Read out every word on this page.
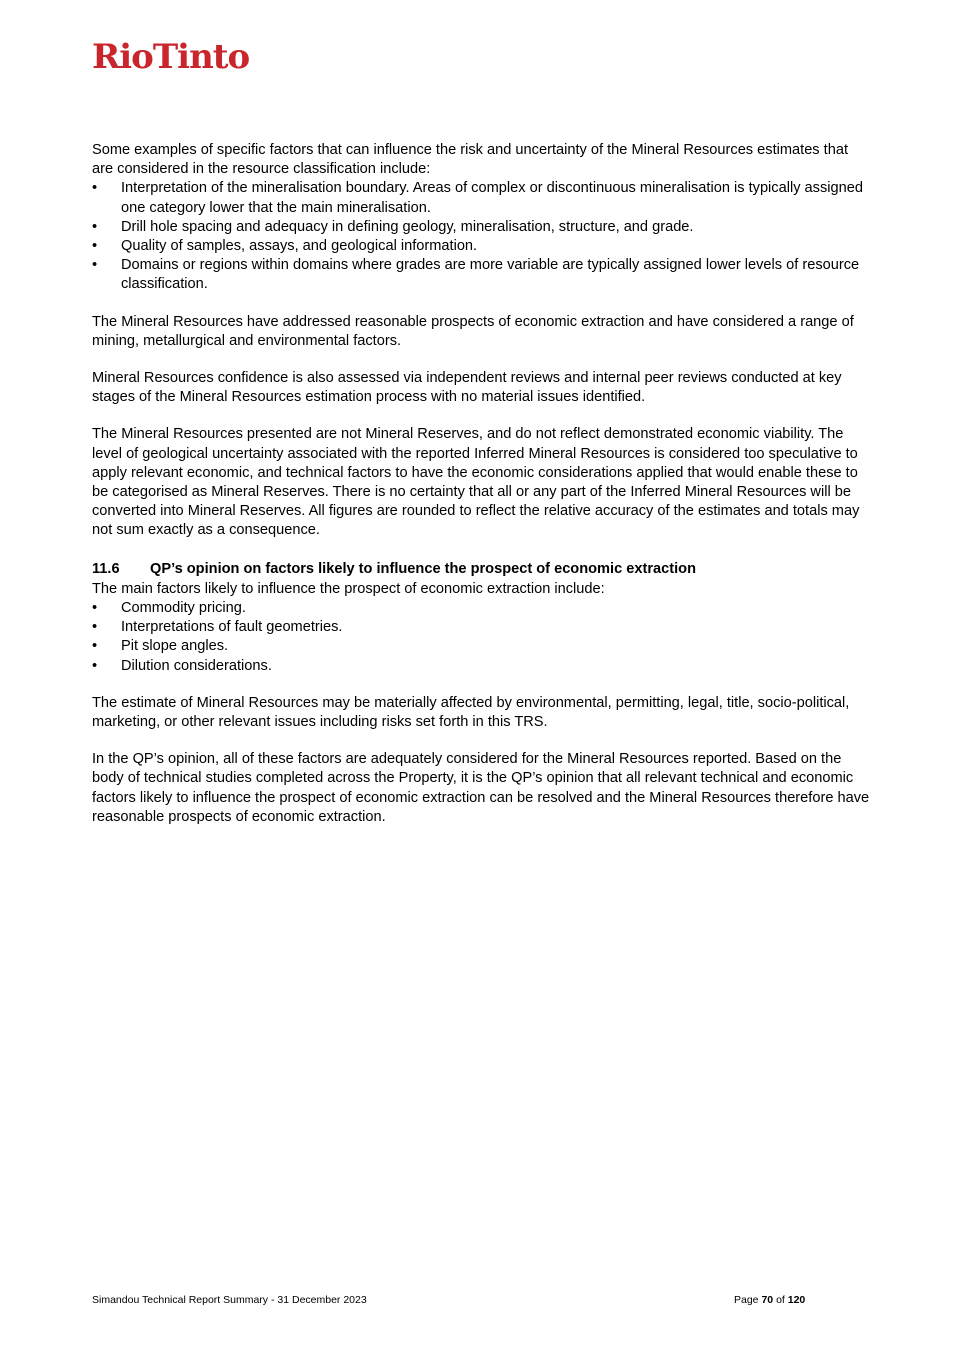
RioTinto

Some examples of specific factors that can influence the risk and uncertainty of the Mineral Resources estimates that are considered in the resource classification include:

• Interpretation of the mineralisation boundary. Areas of complex or discontinuous mineralisation is typically assigned one category lower that the main mineralisation.
• Drill hole spacing and adequacy in defining geology, mineralisation, structure, and grade.
• Quality of samples, assays, and geological information.
• Domains or regions within domains where grades are more variable are typically assigned lower levels of resource classification.

The Mineral Resources have addressed reasonable prospects of economic extraction and have considered a range of mining, metallurgical and environmental factors.

Mineral Resources confidence is also assessed via independent reviews and internal peer reviews conducted at key stages of the Mineral Resources estimation process with no material issues identified.

The Mineral Resources presented are not Mineral Reserves, and do not reflect demonstrated economic viability. The level of geological uncertainty associated with the reported Inferred Mineral Resources is considered too speculative to apply relevant economic, and technical factors to have the economic considerations applied that would enable these to be categorised as Mineral Reserves. There is no certainty that all or any part of the Inferred Mineral Resources will be converted into Mineral Reserves. All figures are rounded to reflect the relative accuracy of the estimates and totals may not sum exactly as a consequence.

11.6 QP’s opinion on factors likely to influence the prospect of economic extraction

The main factors likely to influence the prospect of economic extraction include:

• Commodity pricing.
• Interpretations of fault geometries.
• Pit slope angles.
• Dilution considerations.

The estimate of Mineral Resources may be materially affected by environmental, permitting, legal, title, socio-political, marketing, or other relevant issues including risks set forth in this TRS.

In the QP’s opinion, all of these factors are adequately considered for the Mineral Resources reported. Based on the body of technical studies completed across the Property, it is the QP’s opinion that all relevant technical and economic factors likely to influence the prospect of economic extraction can be resolved and the Mineral Resources therefore have reasonable prospects of economic extraction.

Simandou Technical Report Summary - 31 December 2023	Page 70 of 120
